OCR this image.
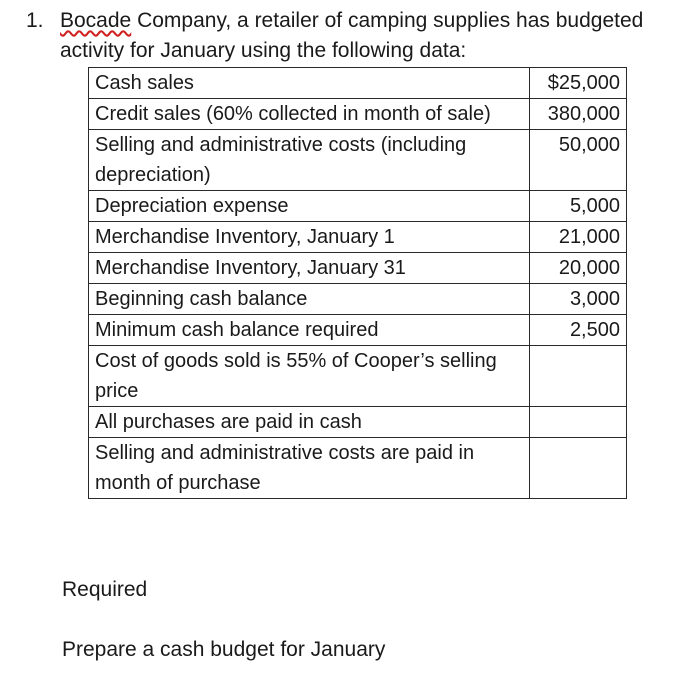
1. Bocade Company, a retailer of camping supplies has budgeted
activity for January using the following data:
Cash sales	$25,000
Credit sales (60% collected in month of sale)	380,000
Selling and administrative costs (including depreciation)	50,000
Depreciation expense	5,000
Merchandise Inventory, January 1	21,000
Merchandise Inventory, January 31	20,000
Beginning cash balance	3,000
Minimum cash balance required	2,500
Cost of goods sold is 55% of Cooper’s selling price	
All purchases are paid in cash	
Selling and administrative costs are paid in month of purchase	
Required
Prepare a cash budget for January
